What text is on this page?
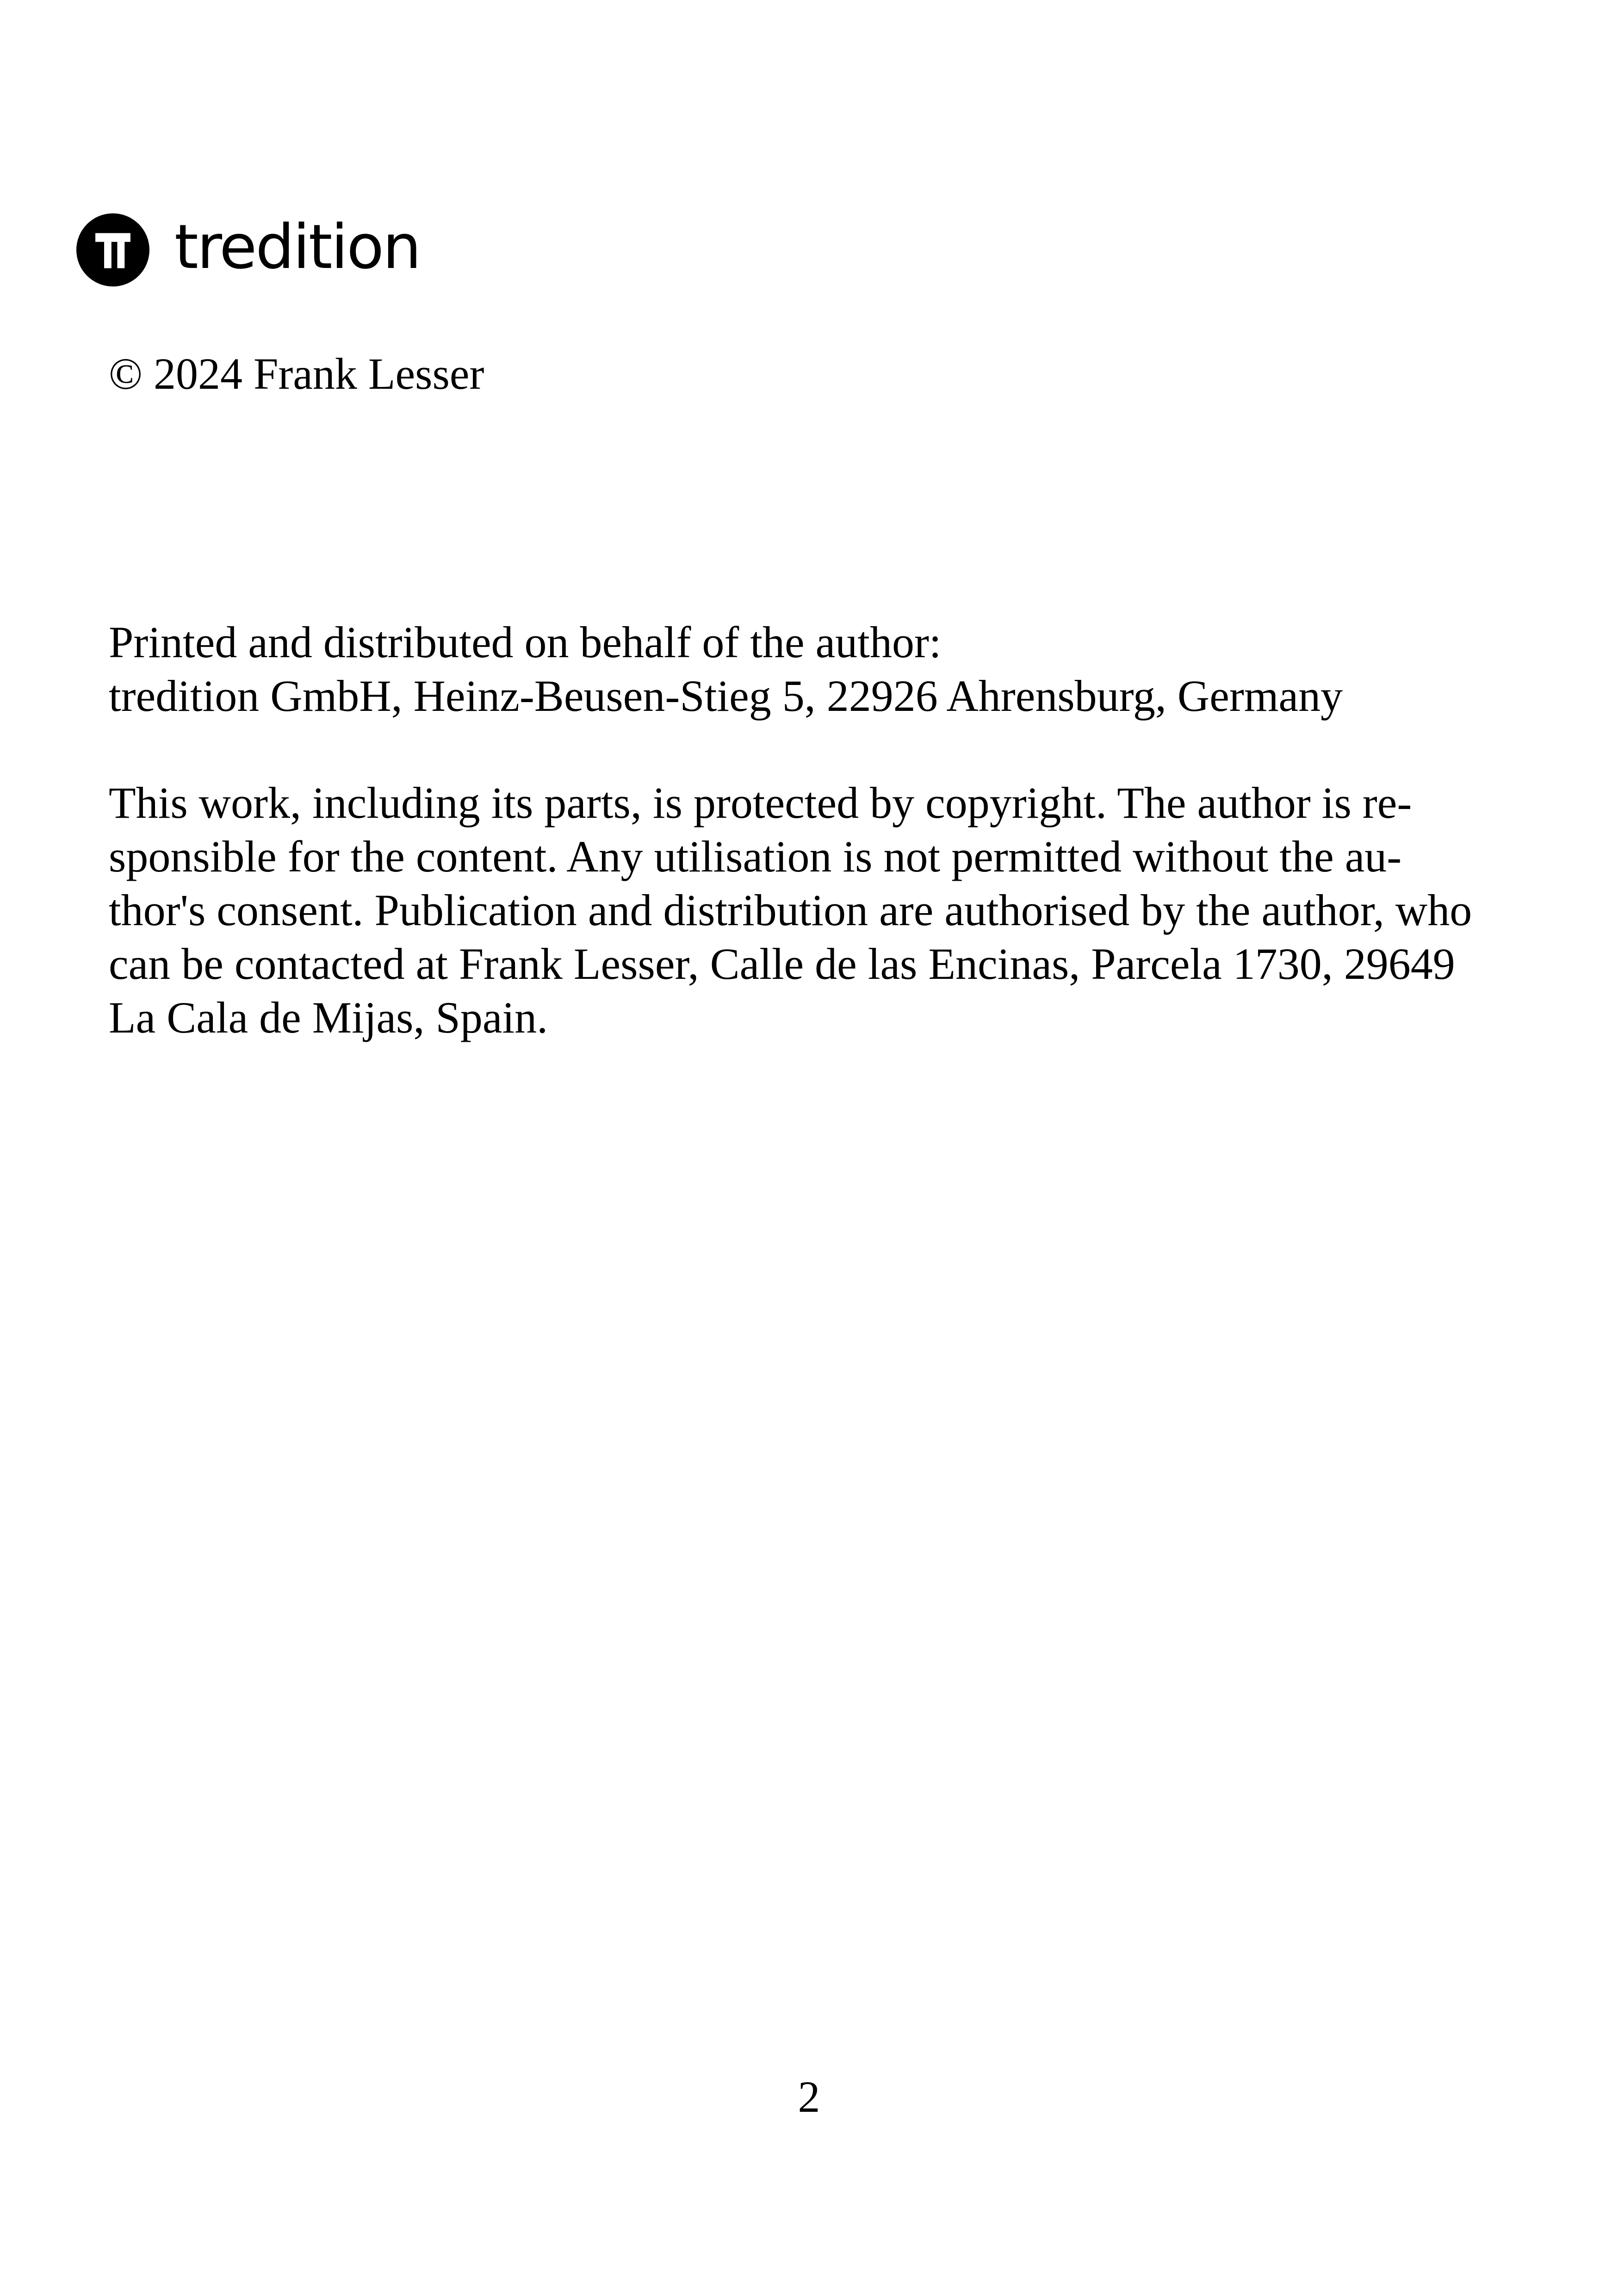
tredition
© 2024 Frank Lesser
Printed and distributed on behalf of the author:
tredition GmbH, Heinz-Beusen-Stieg 5, 22926 Ahrensburg, Germany
This work, including its parts, is protected by copyright. The author is re-
sponsible for the content. Any utilisation is not permitted without the au-
thor's consent. Publication and distribution are authorised by the author, who
can be contacted at Frank Lesser, Calle de las Encinas, Parcela 1730, 29649
La Cala de Mijas, Spain.
2
